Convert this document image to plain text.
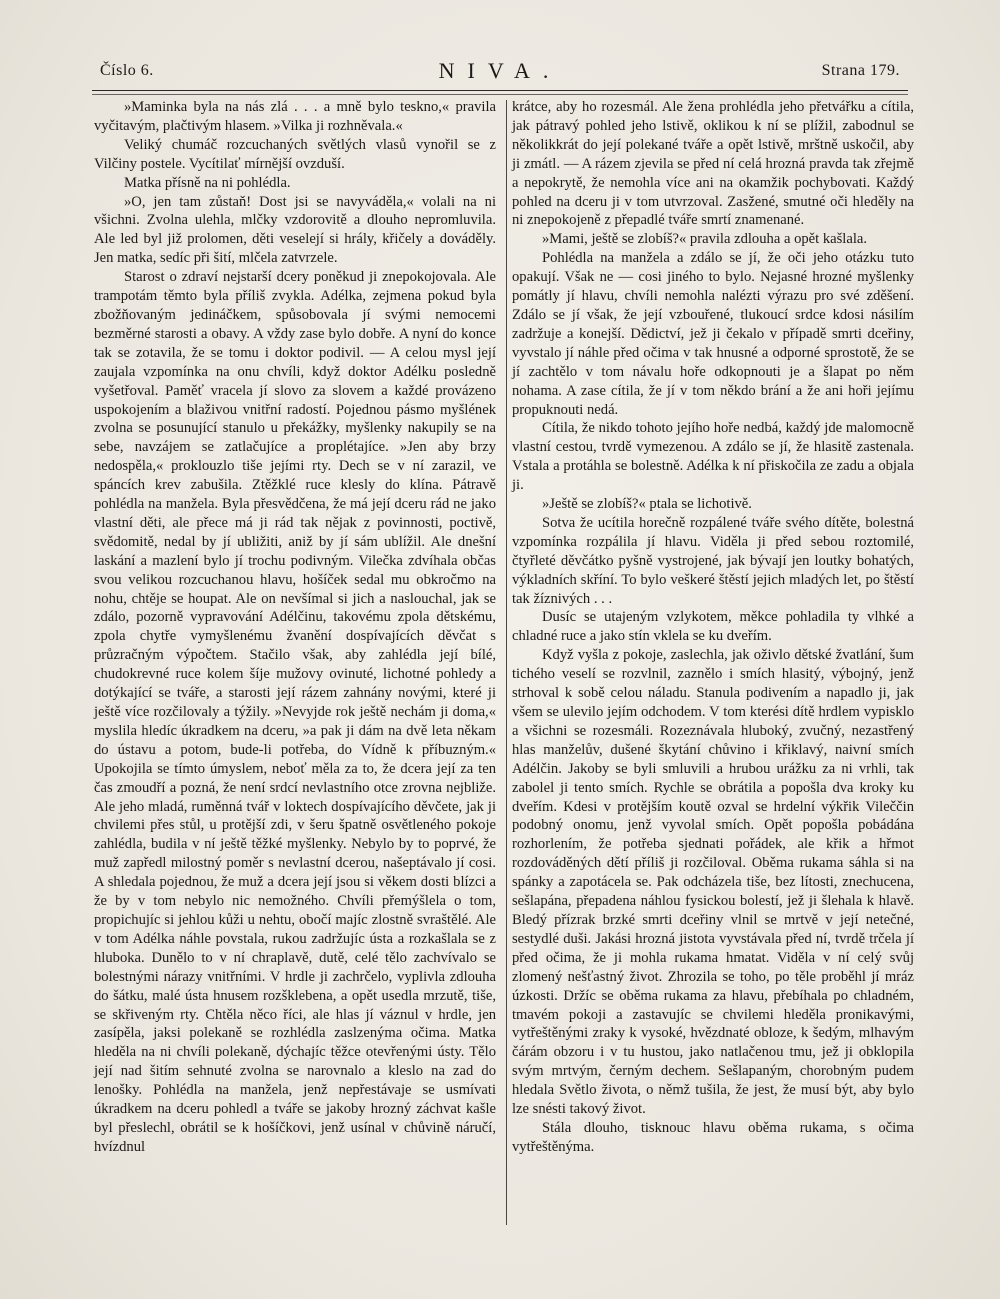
Číslo 6.	NIVA.	Strana 179.

»Maminka byla na nás zlá . . . a mně bylo teskno,« pravila vyčitavým, plačtivým hlasem. »Vilka ji rozhněvala.«

Veliký chumáč rozcuchaných světlých vlasů vynořil se z Vilčiny postele. Vycítilať mírnější ovzduší.

Matka přísně na ni pohlédla.

»O, jen tam zůstaň! Dost jsi se navyváděla,« volali na ni všichni. Zvolna ulehla, mlčky vzdorovitě a dlouho nepromluvila. Ale led byl již prolomen, děti veselejí si hrály, křičely a dováděly. Jen matka, sedíc při šití, mlčela zatvrzele.

Starost o zdraví nejstarší dcery poněkud ji znepokojovala. Ale trampotám těmto byla příliš zvykla. Adélka, zejmena pokud byla zbožňovaným jedináčkem, spůsobovala jí svými nemocemi bezměrné starosti a obavy. A vždy zase bylo dobře. A nyní do konce tak se zotavila, že se tomu i doktor podivil. — A celou mysl její zaujala vzpomínka na onu chvíli, když doktor Adélku posledně vyšetřoval. Paměť vracela jí slovo za slovem a každé provázeno uspokojením a blaživou vnitřní radostí. Pojednou pásmo myšlének zvolna se posunující stanulo u překážky, myšlenky nakupily se na sebe, navzájem se zatlačujíce a proplétajíce. »Jen aby brzy nedospěla,« proklouzlo tiše jejími rty. Dech se v ní zarazil, ve spáncích krev zabušila. Ztěžklé ruce klesly do klína. Pátravě pohlédla na manžela. Byla přesvědčena, že má její dceru rád ne jako vlastní děti, ale přece má ji rád tak nějak z povinnosti, poctivě, svědomitě, nedal by jí ubližiti, aniž by jí sám ublížil. Ale dnešní laskání a mazlení bylo jí trochu podivným. Vilečka zdvíhala občas svou velikou rozcuchanou hlavu, hošíček sedal mu obkročmo na nohu, chtěje se houpat. Ale on nevšímal si jich a naslouchal, jak se zdálo, pozorně vypravování Adélčinu, takovému zpola dětskému, zpola chytře vymyšlenému žvanění dospívajících děvčat s průzračným výpočtem. Stačilo však, aby zahlédla její bílé, chudokrevné ruce kolem šíje mužovy ovinuté, lichotné pohledy a dotýkající se tváře, a starosti její rázem zahnány novými, které ji ještě více rozčilovaly a týžily. »Nevyjde rok ještě nechám ji doma,« myslila hledíc úkradkem na dceru, »a pak ji dám na dvě leta někam do ústavu a potom, bude-li potřeba, do Vídně k příbuzným.« Upokojila se tímto úmyslem, neboť měla za to, že dcera její za ten čas zmoudří a pozná, že není srdcí nevlastního otce zrovna nejbliže. Ale jeho mladá, ruměnná tvář v loktech dospívajícího děvčete, jak ji chvilemi přes stůl, u protější zdi, v šeru špatně osvětleného pokoje zahlédla, budila v ní ještě těžké myšlenky. Nebylo by to poprvé, že muž zapředl milostný poměr s nevlastní dcerou, našeptávalo jí cosi. A shledala pojednou, že muž a dcera její jsou si věkem dosti blízci a že by v tom nebylo nic nemožného. Chvíli přemýšlela o tom, propichujíc si jehlou kůži u nehtu, obočí majíc zlostně svraštělé. Ale v tom Adélka náhle povstala, rukou zadržujíc ústa a rozkašlala se z hluboka. Dunělo to v ní chraplavě, dutě, celé tělo zachvívalo se bolestnými nárazy vnitřními. V hrdle ji zachrčelo, vyplivla zdlouha do šátku, malé ústa hnusem rozšklebena, a opět usedla mrzutě, tiše, se skřiveným rty. Chtěla něco říci, ale hlas jí váznul v hrdle, jen zasípěla, jaksi polekaně se rozhlédla zaslzenýma očima. Matka hleděla na ni chvíli polekaně, dýchajíc těžce otevřenými ústy. Tělo její nad šitím sehnuté zvolna se narovnalo a kleslo na zad do lenošky. Pohlédla na manžela, jenž nepřestávaje se usmívati úkradkem na dceru pohledl a tváře se jakoby hrozný záchvat kašle byl přeslechl, obrátil se k hošíčkovi, jenž usínal v chůvině náručí, hvízdnul

krátce, aby ho rozesmál. Ale žena prohlédla jeho přetvářku a cítila, jak pátravý pohled jeho lstivě, oklikou k ní se plížil, zabodnul se několikkrát do její polekané tváře a opět lstivě, mrštně uskočil, aby ji zmátl. — A rázem zjevila se před ní celá hrozná pravda tak zřejmě a nepokrytě, že nemohla více ani na okamžik pochybovati. Každý pohled na dceru ji v tom utvrzoval. Zasžené, smutné oči hleděly na ni znepokojeně z přepadlé tváře smrtí znamenané.

»Mami, ještě se zlobíš?« pravila zdlouha a opět kašlala.

Pohlédla na manžela a zdálo se jí, že oči jeho otázku tuto opakují. Však ne — cosi jiného to bylo. Nejasné hrozné myšlenky pomátly jí hlavu, chvíli nemohla nalézti výrazu pro své zděšení. Zdálo se jí však, že její vzbouřené, tlukoucí srdce kdosi násilím zadržuje a konejší. Dědictví, jež ji čekalo v případě smrti dceřiny, vyvstalo jí náhle před očima v tak hnusné a odporné sprostotě, že se jí zachtělo v tom návalu hoře odkopnouti je a šlapat po něm nohama. A zase cítila, že jí v tom někdo brání a že ani hoři jejímu propuknouti nedá.

Cítila, že nikdo tohoto jejího hoře nedbá, každý jde malomocně vlastní cestou, tvrdě vymezenou. A zdálo se jí, že hlasitě zastenala. Vstala a protáhla se bolestně. Adélka k ní přiskočila ze zadu a objala ji.

»Ještě se zlobíš?« ptala se lichotivě.

Sotva že ucítila horečně rozpálené tváře svého dítěte, bolestná vzpomínka rozpálila jí hlavu. Viděla ji před sebou roztomilé, čtyřleté děvčátko pyšně vystrojené, jak bývají jen loutky bohatých, výkladních skříní. To bylo veškeré štěstí jejich mladých let, po štěstí tak žíznivých . . .

Dusíc se utajeným vzlykotem, měkce pohladila ty vlhké a chladné ruce a jako stín vklela se ku dveřím.

Když vyšla z pokoje, zaslechla, jak oživlo dětské žvatlání, šum tichého veselí se rozvlnil, zaznělo i smích hlasitý, výbojný, jenž strhoval k sobě celou náladu. Stanula podivením a napadlo ji, jak všem se ulevilo jejím odchodem. V tom kterési dítě hrdlem vypisklo a všichni se rozesmáli. Rozeznávala hluboký, zvučný, nezastřený hlas manželův, dušené škytání chůvino i křiklavý, naivní smích Adélčin. Jakoby se byli smluvili a hrubou urážku za ni vrhli, tak zabolel ji tento smích. Rychle se obrátila a popošla dva kroky ku dveřím. Kdesi v protějším koutě ozval se hrdelní výkřik Vileččin podobný onomu, jenž vyvolal smích. Opět popošla pobádána rozhorlením, že potřeba sjednati pořádek, ale křik a hřmot rozdováděných dětí příliš ji rozčiloval. Oběma rukama sáhla si na spánky a zapotácela se. Pak odcházela tiše, bez lítosti, znechucena, sešlapána, přepadena náhlou fysickou bolestí, jež ji šlehala k hlavě. Bledý přízrak brzké smrti dceřiny vlnil se mrtvě v její netečné, sestydlé duši. Jakási hrozná jistota vyvstávala před ní, tvrdě trčela jí před očima, že ji mohla rukama hmatat. Viděla v ní celý svůj zlomený nešťastný život. Zhrozila se toho, po těle proběhl jí mráz úzkosti. Držíc se oběma rukama za hlavu, přebíhala po chladném, tmavém pokoji a zastavujíc se chvilemi hleděla pronikavými, vytřeštěnými zraky k vysoké, hvězdnaté obloze, k šedým, mlhavým čárám obzoru i v tu hustou, jako natlačenou tmu, jež ji obklopila svým mrtvým, černým dechem. Sešlapaným, chorobným pudem hledala Světlo života, o němž tušila, že jest, že musí být, aby bylo lze snésti takový život.

Stála dlouho, tisknouc hlavu oběma rukama, s očima vytřeštěnýma.
